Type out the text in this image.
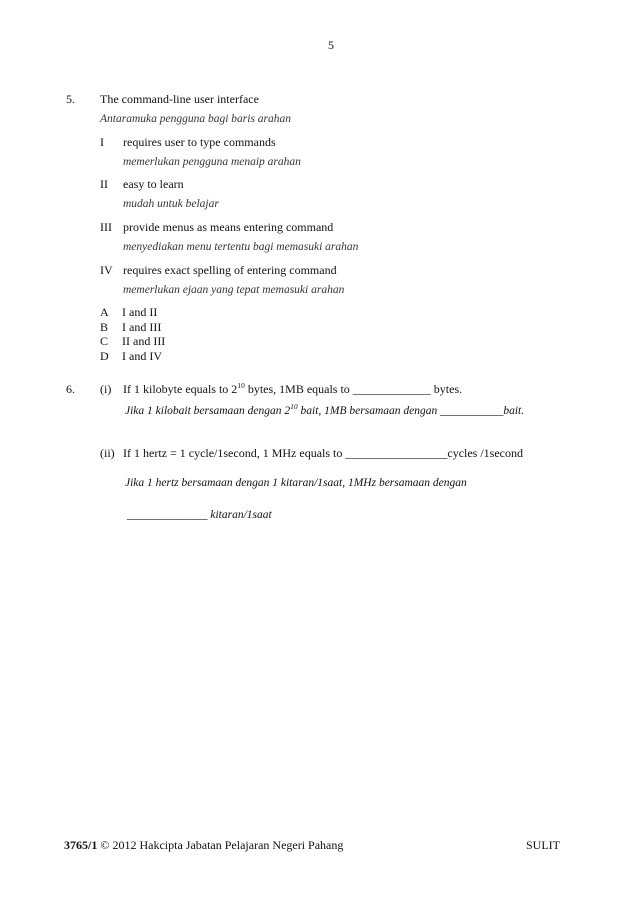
5
5. The command-line user interface
Antaramuka pengguna bagi baris arahan
I requires user to type commands
memerlukan pengguna menaip arahan
II easy to learn
mudah untuk belajar
III provide menus as means entering command
menyediakan menu tertentu bagi memasuki arahan
IV requires exact spelling of entering command
memerlukan ejaan yang tepat memasuki arahan
A I and II
B I and III
C II and III
D I and IV
6. (i) If 1 kilobyte equals to $2^{10}$ bytes, 1MB equals to _____________ bytes.
Jika 1 kilobait bersamaan dengan $2^{10}$ bait, 1MB bersamaan dengan ___________bait.
(ii) If 1 hertz = 1 cycle/1second, 1 MHz equals to _________________cycles /1second
Jika 1 hertz bersamaan dengan 1 kitaran/1saat, 1MHz bersamaan dengan
______________ kitaran/1saat
3765/1 © 2012 Hakcipta Jabatan Pelajaran Negeri Pahang	SULIT
